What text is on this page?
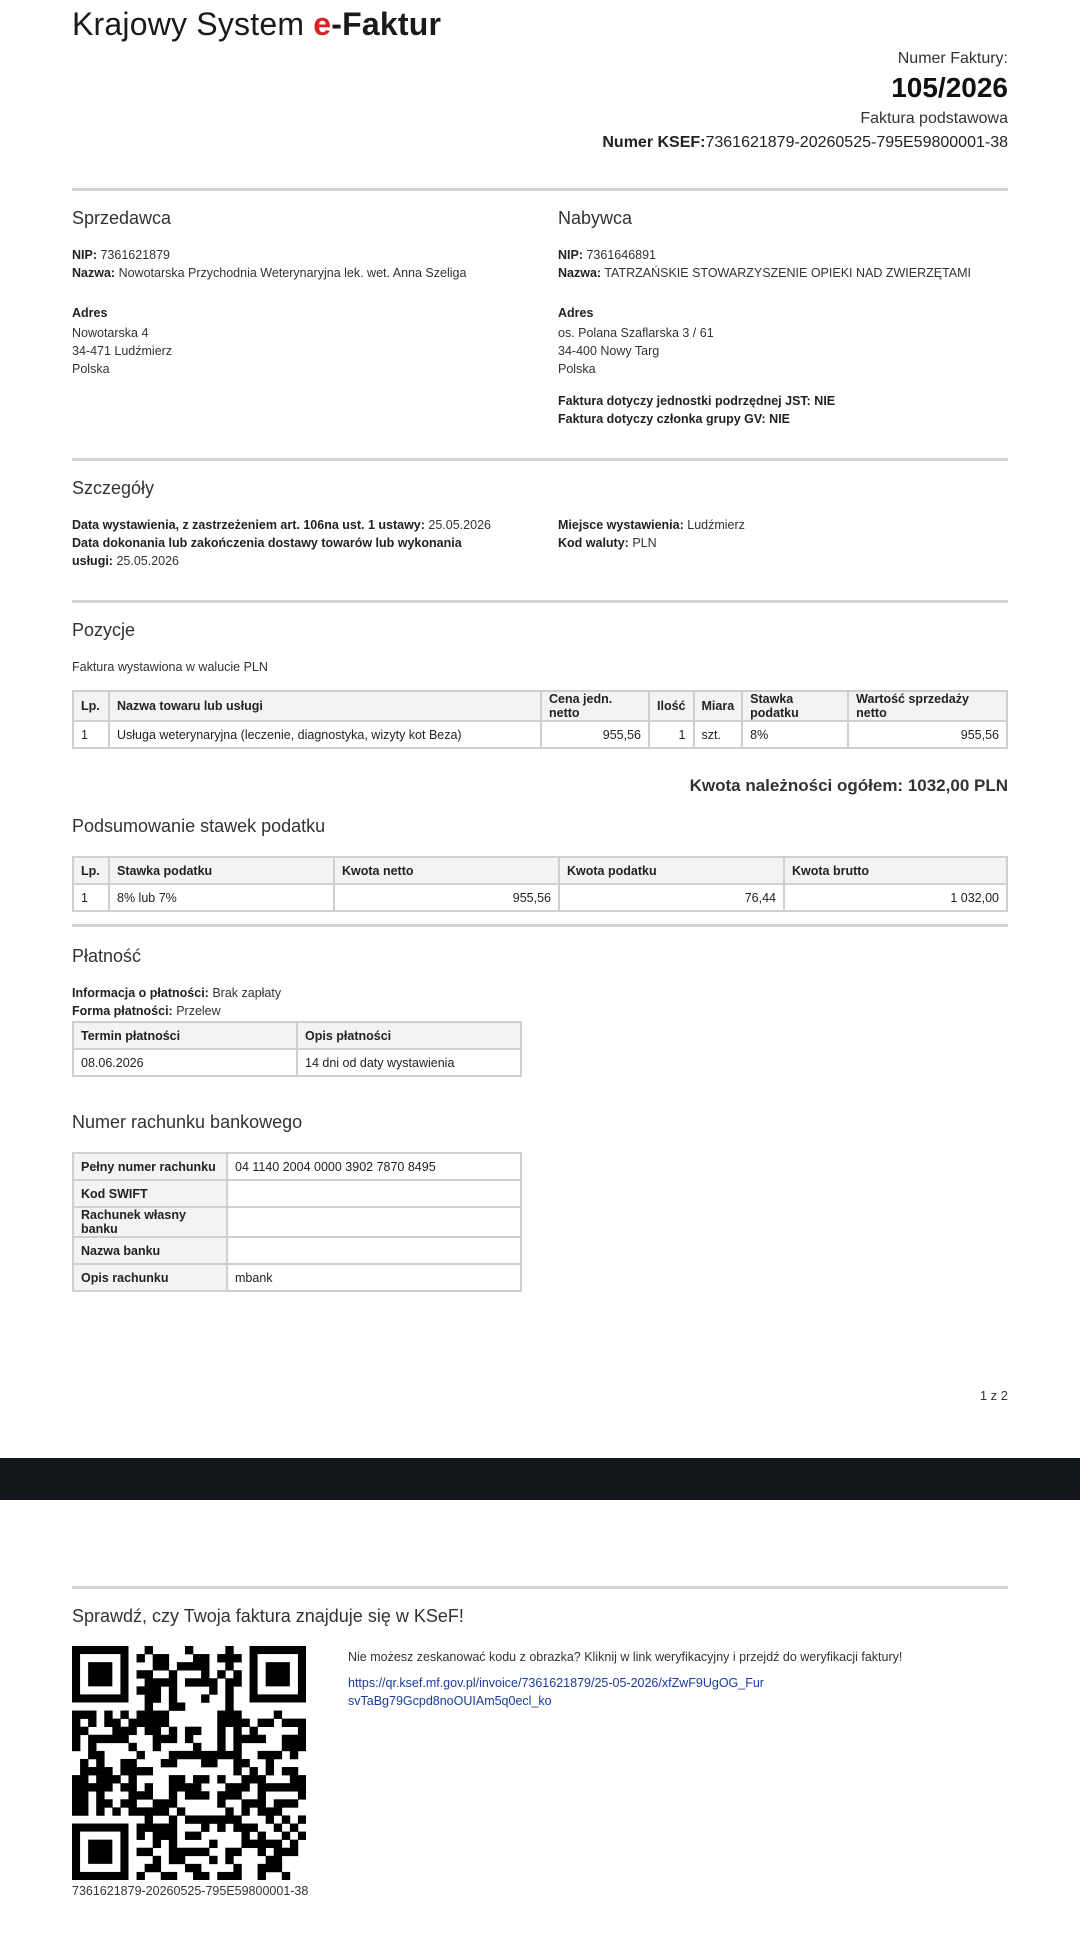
Krajowy System e-Faktur
Numer Faktury:
105/2026
Faktura podstawowa
Numer KSEF:7361621879-20260525-795E59800001-38
Sprzedawca
NIP: 7361621879
Nazwa: Nowotarska Przychodnia Weterynaryjna lek. wet. Anna Szeliga
Adres
Nowotarska 4
34-471 Ludźmierz
Polska
Nabywca
NIP: 7361646891
Nazwa: TATRZAŃSKIE STOWARZYSZENIE OPIEKI NAD ZWIERZĘTAMI
Adres
os. Polana Szaflarska 3 / 61
34-400 Nowy Targ
Polska
Faktura dotyczy jednostki podrzędnej JST: NIE
Faktura dotyczy członka grupy GV: NIE
Szczegóły
Data wystawienia, z zastrzeżeniem art. 106na ust. 1 ustawy: 25.05.2026
Data dokonania lub zakończenia dostawy towarów lub wykonania usługi: 25.05.2026
Miejsce wystawienia: Ludźmierz
Kod waluty: PLN
Pozycje
Faktura wystawiona w walucie PLN
Lp.	Nazwa towaru lub usługi	Cena jedn. netto	Ilość	Miara	Stawka podatku	Wartość sprzedaży netto
1	Usługa weterynaryjna (leczenie, diagnostyka, wizyty kot Beza)	955,56	1	szt.	8%	955,56
Kwota należności ogółem: 1032,00 PLN
Podsumowanie stawek podatku
Lp.	Stawka podatku	Kwota netto	Kwota podatku	Kwota brutto
1	8% lub 7%	955,56	76,44	1 032,00
Płatność
Informacja o płatności: Brak zapłaty
Forma płatności: Przelew
Termin płatności	Opis płatności
08.06.2026	14 dni od daty wystawienia
Numer rachunku bankowego
Pełny numer rachunku	04 1140 2004 0000 3902 7870 8495
Kod SWIFT	
Rachunek własny banku	
Nazwa banku	
Opis rachunku	mbank
1 z 2
Sprawdź, czy Twoja faktura znajduje się w KSeF!
7361621879-20260525-795E59800001-38
Nie możesz zeskanować kodu z obrazka? Kliknij w link weryfikacyjny i przejdź do weryfikacji faktury!
https://qr.ksef.mf.gov.pl/invoice/7361621879/25-05-2026/xfZwF9UgOG_FursvTaBg79Gcpd8noOUIAm5q0ecl_ko
